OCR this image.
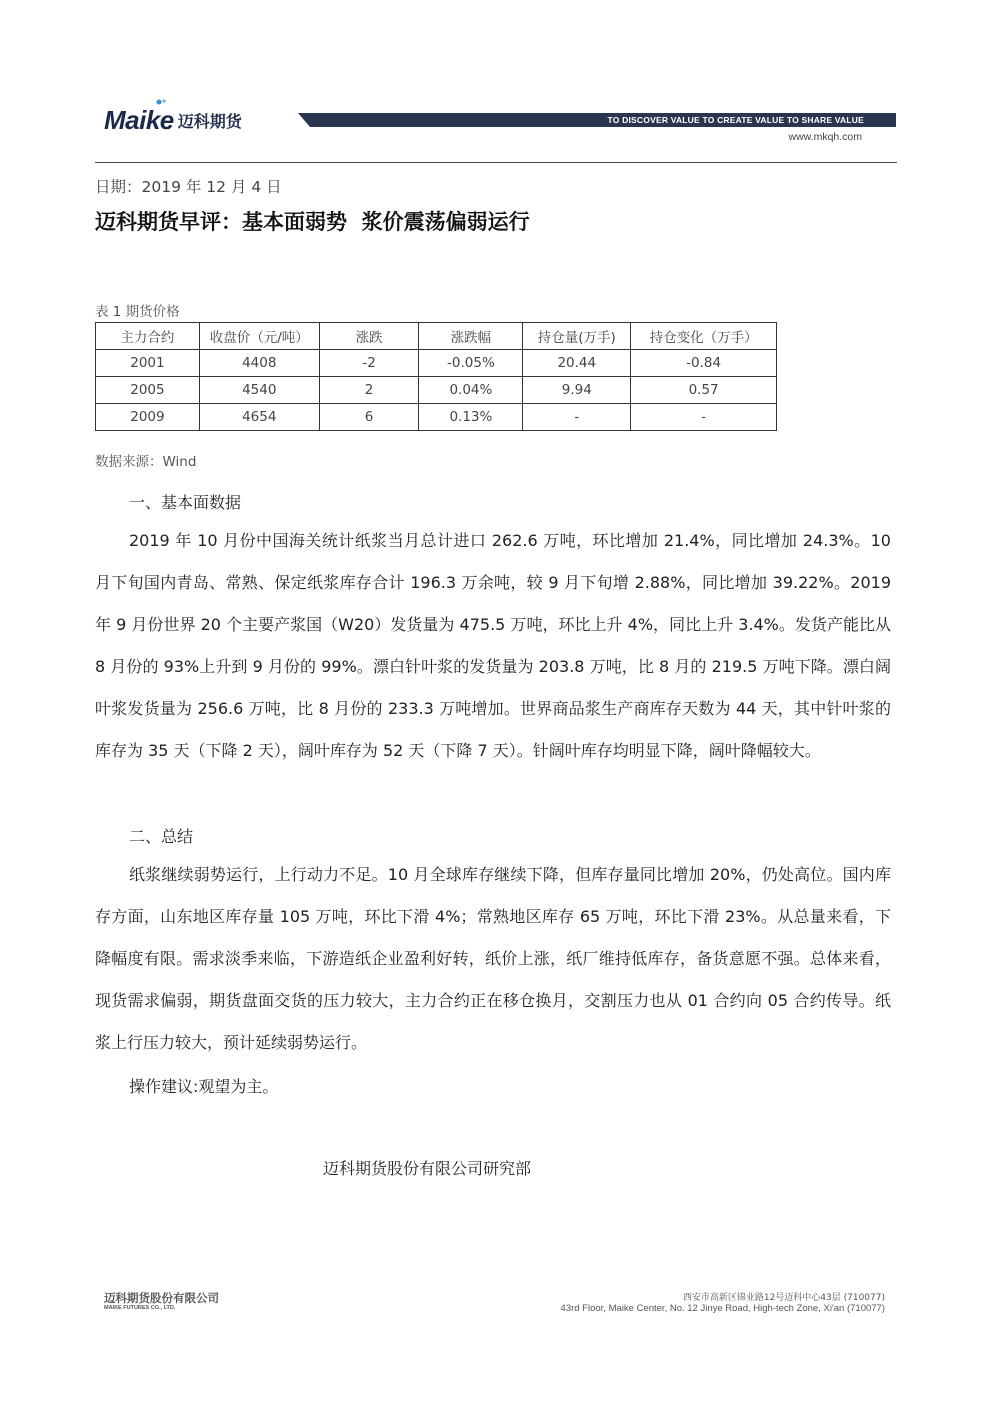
Maike 迈科期货	TO DISCOVER VALUE TO CREATE VALUE TO SHARE VALUE
www.mkqh.com
日期：2019 年 12 月 4 日
迈科期货早评：基本面弱势  浆价震荡偏弱运行
表 1 期货价格
主力合约	收盘价（元/吨）	涨跌	涨跌幅	持仓量(万手)	持仓变化（万手）
2001	4408	-2	-0.05%	20.44	-0.84
2005	4540	2	0.04%	9.94	0.57
2009	4654	6	0.13%	-	-
数据来源：Wind
一、基本面数据
2019 年 10 月份中国海关统计纸浆当月总计进口 262.6 万吨，环比增加 21.4%，同比增加 24.3%。10 月下旬国内青岛、常熟、保定纸浆库存合计 196.3 万余吨，较 9 月下旬增 2.88%，同比增加 39.22%。2019 年 9 月份世界 20 个主要产浆国（W20）发货量为 475.5 万吨，环比上升 4%，同比上升 3.4%。发货产能比从 8 月份的 93%上升到 9 月份的 99%。漂白针叶浆的发货量为 203.8 万吨，比 8 月的 219.5 万吨下降。漂白阔叶浆发货量为 256.6 万吨，比 8 月份的 233.3 万吨增加。世界商品浆生产商库存天数为 44 天，其中针叶浆的库存为 35 天（下降 2 天），阔叶库存为 52 天（下降 7 天）。针阔叶库存均明显下降，阔叶降幅较大。
二、总结
纸浆继续弱势运行，上行动力不足。10 月全球库存继续下降，但库存量同比增加 20%，仍处高位。国内库存方面，山东地区库存量 105 万吨，环比下滑 4%；常熟地区库存 65 万吨，环比下滑 23%。从总量来看，下降幅度有限。需求淡季来临，下游造纸企业盈利好转，纸价上涨，纸厂维持低库存，备货意愿不强。总体来看，现货需求偏弱，期货盘面交货的压力较大，主力合约正在移仓换月，交割压力也从 01 合约向 05 合约传导。纸浆上行压力较大，预计延续弱势运行。
操作建议:观望为主。
迈科期货股份有限公司研究部
迈科期货股份有限公司
MAIKE FUTURES CO., LTD.
西安市高新区锦业路12号迈科中心43层 (710077)
43rd Floor, Maike Center, No. 12 Jinye Road, High-tech Zone, Xi'an (710077)
